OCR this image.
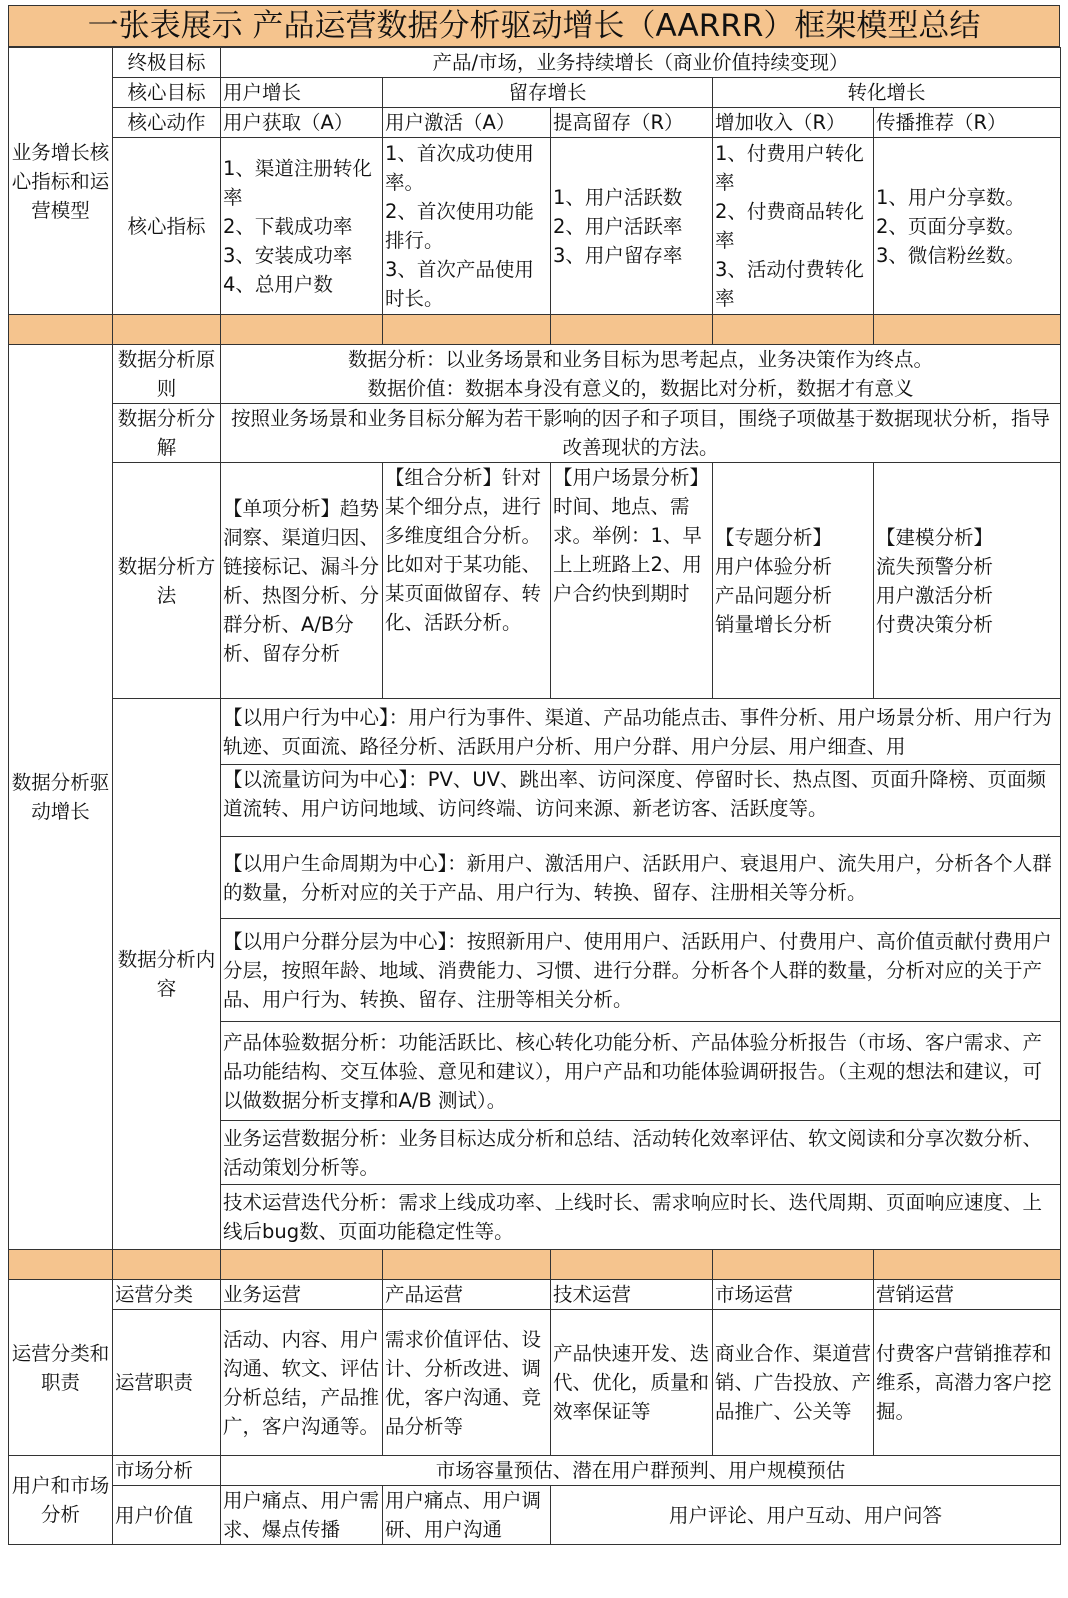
一张表展示 产品运营数据分析驱动增长（AARRR）框架模型总结
业务增长核心指标和运营模型	终极目标	产品/市场，业务持续增长（商业价值持续变现）				
	核心目标	用户增长	留存增长		转化增长	
	核心动作	用户获取（A）	用户激活（A）	提高留存（R）	增加收入（R）	传播推荐（R）
	核心指标	1、渠道注册转化率
2、下载成功率
3、安装成功率
4、总用户数	1、首次成功使用率。
2、首次使用功能排行。
3、首次产品使用时长。	1、用户活跃数
2、用户活跃率
3、用户留存率	1、付费用户转化率
2、付费商品转化率
3、活动付费转化率	1、用户分享数。
2、页面分享数。
3、微信粉丝数。

数据分析驱动增长	数据分析原则	数据分析：以业务场景和业务目标为思考起点，业务决策作为终点。
数据价值：数据本身没有意义的，数据比对分析，数据才有意义				

	数据分析分解	按照业务场景和业务目标分解为若干影响的因子和子项目，围绕子项做基于数据现状分析，指导改善现状的方法。				
	数据分析方法	【单项分析】趋势洞察、渠道归因、链接标记、漏斗分析、热图分析、分群分析、A/B分析、留存分析	【组合分析】针对某个细分点，进行多维度组合分析。比如对于某功能、某页面做留存、转化、活跃分析。	【用户场景分析】时间、地点、需求。举例：1、早上上班路上2、用户合约快到期时	【专题分析】
用户体验分析
产品问题分析
销量增长分析	【建模分析】
流失预警分析
用户激活分析
付费决策分析

	数据分析内容	【以用户行为中心】：用户行为事件、渠道、产品功能点击、事件分析、用户场景分析、用户行为轨迹、页面流、路径分析、活跃用户分析、用户分群、用户分层、用户细查、用				
		【以流量访问为中心】：PV、UV、跳出率、访问深度、停留时长、热点图、页面升降榜、页面频道流转、用户访问地域、访问终端、访问来源、新老访客、活跃度等。				
		【以用户生命周期为中心】：新用户、激活用户、活跃用户、衰退用户、流失用户，分析各个人群的数量，分析对应的关于产品、用户行为、转换、留存、注册相关等分析。				
		【以用户分群分层为中心】：按照新用户、使用用户、活跃用户、付费用户、高价值贡献付费用户分层，按照年龄、地域、消费能力、习惯、进行分群。分析各个人群的数量，分析对应的关于产品、用户行为、转换、留存、注册等相关分析。				
		产品体验数据分析：功能活跃比、核心转化功能分析、产品体验分析报告（市场、客户需求、产品功能结构、交互体验、意见和建议），用户产品和功能体验调研报告。（主观的想法和建议，可以做数据分析支撑和A/B 测试）。				
		业务运营数据分析：业务目标达成分析和总结、活动转化效率评估、软文阅读和分享次数分析、活动策划分析等。				
		技术运营迭代分析：需求上线成功率、上线时长、需求响应时长、迭代周期、页面响应速度、上线后bug数、页面功能稳定性等。				

运营分类和职责	运营分类	业务运营	产品运营	技术运营	市场运营	营销运营
	运营职责	活动、内容、用户沟通、软文、评估分析总结，产品推广，客户沟通等。	需求价值评估、设计、分析改进、调优，客户沟通、竞品分析等	产品快速开发、迭代、优化，质量和效率保证等	商业合作、渠道营销、广告投放、产品推广、公关等	付费客户营销推荐和维系，高潜力客户挖掘。
用户和市场分析	市场分析	市场容量预估、潜在用户群预判、用户规模预估				
	用户价值	用户痛点、用户需求、爆点传播	用户痛点、用户调研、用户沟通	用户评论、用户互动、用户问答		
